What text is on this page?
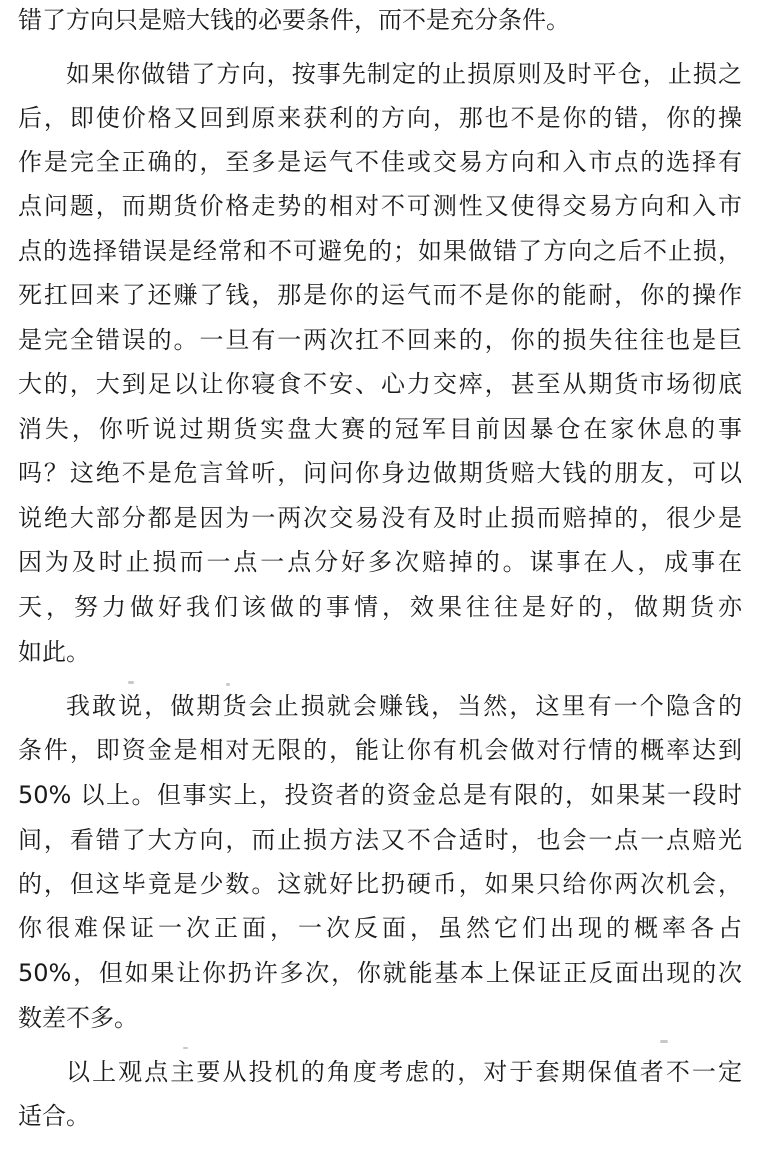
错了方向只是赔大钱的必要条件，而不是充分条件。
如果你做错了方向，按事先制定的止损原则及时平仓，止损之
后，即使价格又回到原来获利的方向，那也不是你的错，你的操
作是完全正确的，至多是运气不佳或交易方向和入市点的选择有
点问题，而期货价格走势的相对不可测性又使得交易方向和入市
点的选择错误是经常和不可避免的；如果做错了方向之后不止损，
死扛回来了还赚了钱，那是你的运气而不是你的能耐，你的操作
是完全错误的。一旦有一两次扛不回来的，你的损失往往也是巨
大的，大到足以让你寝食不安、心力交瘁，甚至从期货市场彻底
消失，你听说过期货实盘大赛的冠军目前因暴仓在家休息的事
吗？这绝不是危言耸听，问问你身边做期货赔大钱的朋友，可以
说绝大部分都是因为一两次交易没有及时止损而赔掉的，很少是
因为及时止损而一点一点分好多次赔掉的。谋事在人，成事在
天，努力做好我们该做的事情，效果往往是好的，做期货亦
如此。
我敢说，做期货会止损就会赚钱，当然，这里有一个隐含的
条件，即资金是相对无限的，能让你有机会做对行情的概率达到
50% 以上。但事实上，投资者的资金总是有限的，如果某一段时
间，看错了大方向，而止损方法又不合适时，也会一点一点赔光
的，但这毕竟是少数。这就好比扔硬币，如果只给你两次机会，
你很难保证一次正面，一次反面，虽然它们出现的概率各占
50%，但如果让你扔许多次，你就能基本上保证正反面出现的次
数差不多。
以上观点主要从投机的角度考虑的，对于套期保值者不一定
适合。
